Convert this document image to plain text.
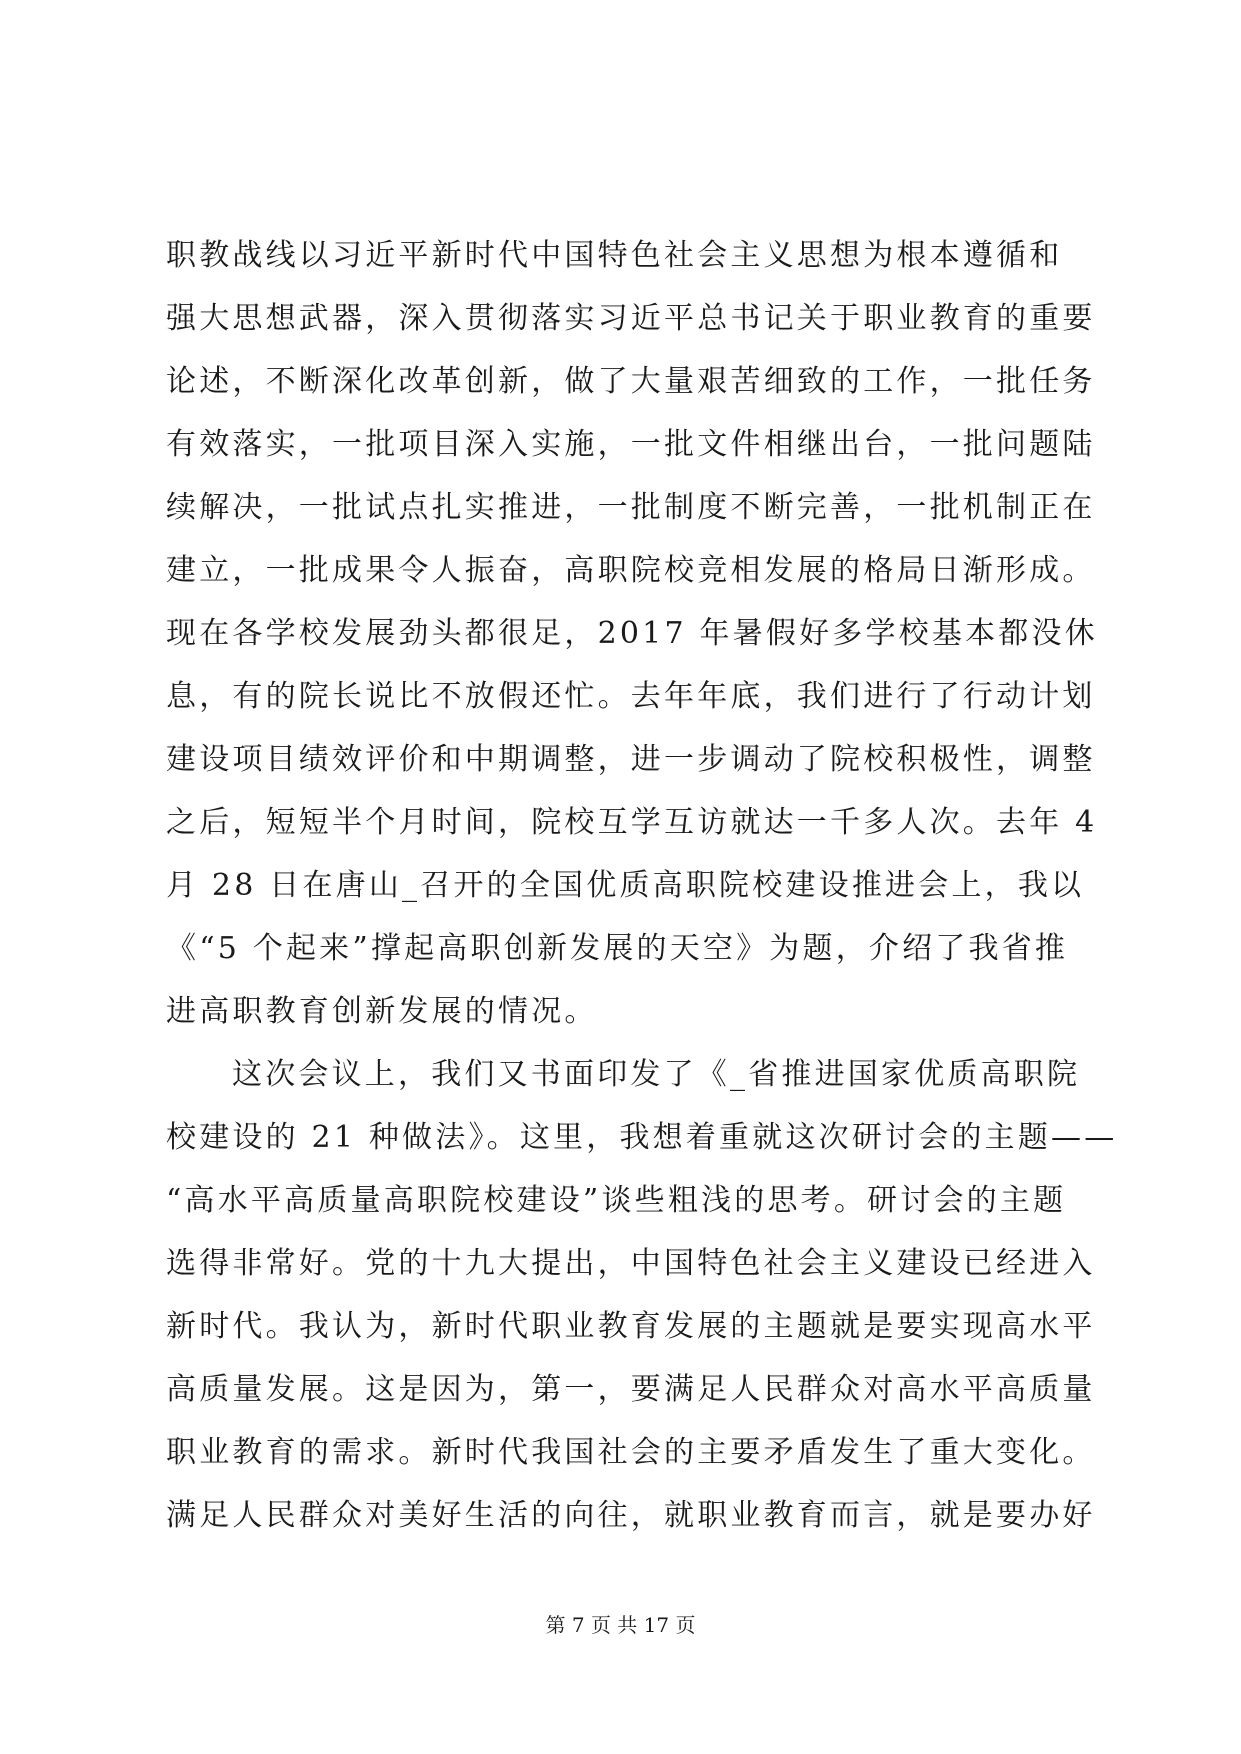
职教战线以习近平新时代中国特色社会主义思想为根本遵循和
强大思想武器，深入贯彻落实习近平总书记关于职业教育的重要
论述，不断深化改革创新，做了大量艰苦细致的工作，一批任务
有效落实，一批项目深入实施，一批文件相继出台，一批问题陆
续解决，一批试点扎实推进，一批制度不断完善，一批机制正在
建立，一批成果令人振奋，高职院校竞相发展的格局日渐形成。
现在各学校发展劲头都很足，2017 年暑假好多学校基本都没休
息，有的院长说比不放假还忙。去年年底，我们进行了行动计划
建设项目绩效评价和中期调整，进一步调动了院校积极性，调整
之后，短短半个月时间，院校互学互访就达一千多人次。去年 4
月 28 日在唐山_召开的全国优质高职院校建设推进会上，我以
《“5 个起来”撑起高职创新发展的天空》为题，介绍了我省推
进高职教育创新发展的情况。
这次会议上，我们又书面印发了《_省推进国家优质高职院
校建设的 21 种做法》。这里，我想着重就这次研讨会的主题——
“高水平高质量高职院校建设”谈些粗浅的思考。研讨会的主题
选得非常好。党的十九大提出，中国特色社会主义建设已经进入
新时代。我认为，新时代职业教育发展的主题就是要实现高水平
高质量发展。这是因为，第一，要满足人民群众对高水平高质量
职业教育的需求。新时代我国社会的主要矛盾发生了重大变化。
满足人民群众对美好生活的向往，就职业教育而言，就是要办好
第 7 页 共 17 页
